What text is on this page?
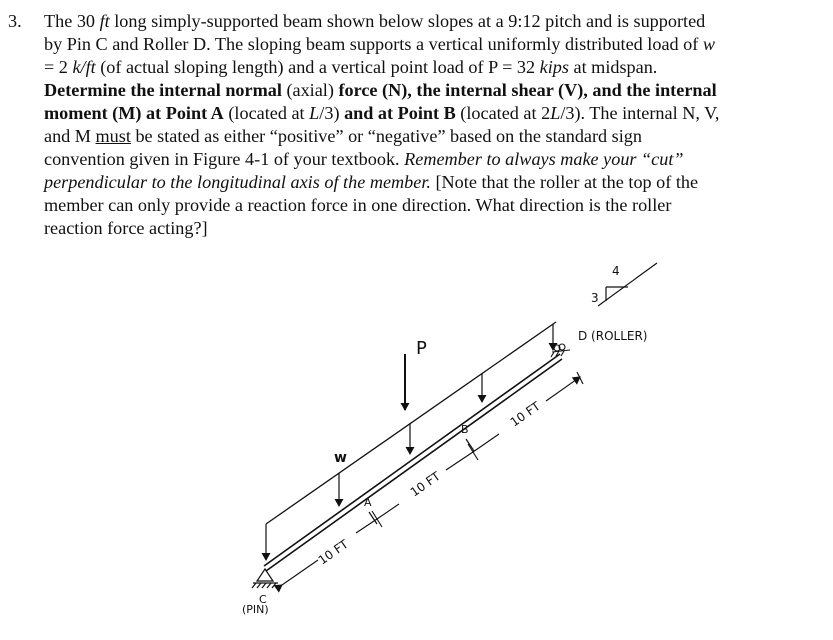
3. The 30 ft long simply-supported beam shown below slopes at a 9:12 pitch and is supported
by Pin C and Roller D. The sloping beam supports a vertical uniformly distributed load of w
= 2 k/ft (of actual sloping length) and a vertical point load of P = 32 kips at midspan.
Determine the internal normal (axial) force (N), the internal shear (V), and the internal
moment (M) at Point A (located at L/3) and at Point B (located at 2L/3). The internal N, V,
and M must be stated as either “positive” or “negative” based on the standard sign
convention given in Figure 4-1 of your textbook. Remember to always make your “cut”
perpendicular to the longitudinal axis of the member. [Note that the roller at the top of the
member can only provide a reaction force in one direction. What direction is the roller
reaction force acting?]
P
w
C
(PIN)
D (ROLLER)
3
4
A
B
10 FT
10 FT
10 FT
